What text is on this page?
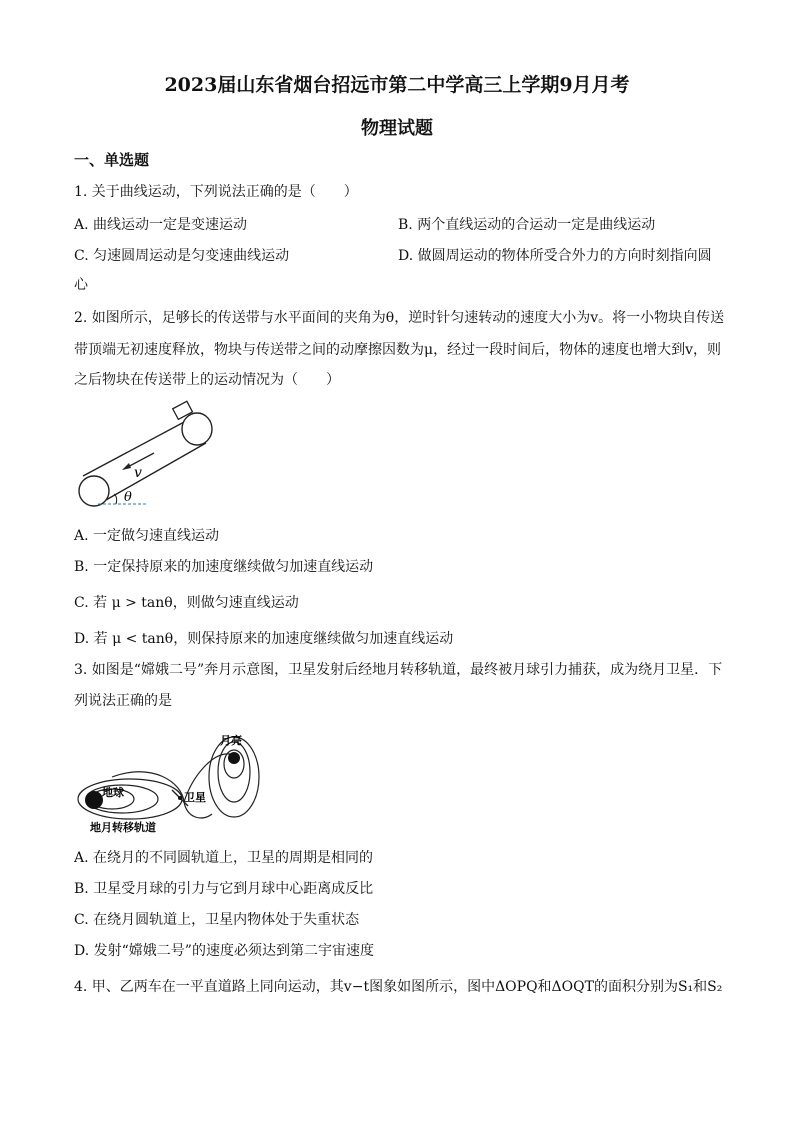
2023届山东省烟台招远市第二中学高三上学期9月月考
物理试题
一、单选题
1. 关于曲线运动，下列说法正确的是（　　）
A. 曲线运动一定是变速运动	B. 两个直线运动的合运动一定是曲线运动
C. 匀速圆周运动是匀变速曲线运动	D. 做圆周运动的物体所受合外力的方向时刻指向圆
心
2. 如图所示，足够长的传送带与水平面间的夹角为θ，逆时针匀速转动的速度大小为v。将一小物块自传送
带顶端无初速度释放，物块与传送带之间的动摩擦因数为μ，经过一段时间后，物体的速度也增大到v，则
之后物块在传送带上的运动情况为（　　）
v
θ
A. 一定做匀速直线运动
B. 一定保持原来的加速度继续做匀加速直线运动
C. 若 μ > tanθ，则做匀速直线运动
D. 若 μ < tanθ，则保持原来的加速度继续做匀加速直线运动
3. 如图是“嫦娥二号”奔月示意图，卫星发射后经地月转移轨道，最终被月球引力捕获，成为绕月卫星．下
列说法正确的是
地球
月亮
卫星
地月转移轨道
A. 在绕月的不同圆轨道上，卫星的周期是相同的
B. 卫星受月球的引力与它到月球中心距离成反比
C. 在绕月圆轨道上，卫星内物体处于失重状态
D. 发射“嫦娥二号”的速度必须达到第二宇宙速度
4. 甲、乙两车在一平直道路上同向运动，其v−t图象如图所示，图中ΔOPQ和ΔOQT的面积分别为S₁和S₂
